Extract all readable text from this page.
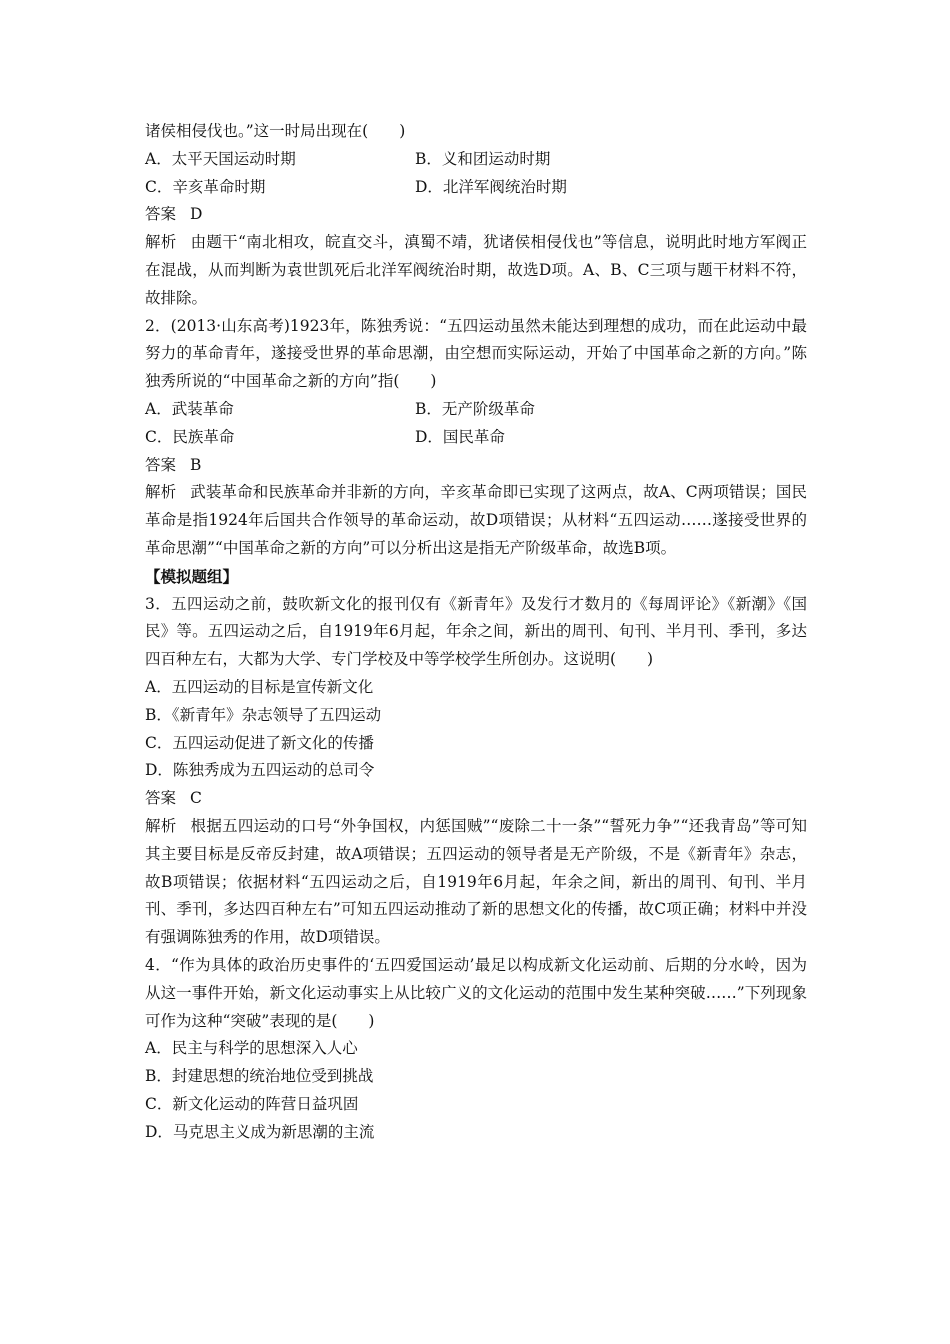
诸侯相侵伐也。”这一时局出现在(　　)
A．太平天国运动时期	B．义和团运动时期
C．辛亥革命时期	D．北洋军阀统治时期
答案 D
解析 由题干“南北相攻，皖直交斗，滇蜀不靖，犹诸侯相侵伐也”等信息，说明此时地方军阀正在混战，从而判断为袁世凯死后北洋军阀统治时期，故选D项。A、B、C三项与题干材料不符，故排除。
2．(2013·山东高考)1923年，陈独秀说：“五四运动虽然未能达到理想的成功，而在此运动中最努力的革命青年，遂接受世界的革命思潮，由空想而实际运动，开始了中国革命之新的方向。”陈独秀所说的“中国革命之新的方向”指(　　)
A．武装革命	B．无产阶级革命
C．民族革命	D．国民革命
答案 B
解析 武装革命和民族革命并非新的方向，辛亥革命即已实现了这两点，故A、C两项错误；国民革命是指1924年后国共合作领导的革命运动，故D项错误；从材料“五四运动……遂接受世界的革命思潮”“中国革命之新的方向”可以分析出这是指无产阶级革命，故选B项。
【模拟题组】
3．五四运动之前，鼓吹新文化的报刊仅有《新青年》及发行才数月的《每周评论》《新潮》《国民》等。五四运动之后，自1919年6月起，年余之间，新出的周刊、旬刊、半月刊、季刊，多达四百种左右，大都为大学、专门学校及中等学校学生所创办。这说明(　　)
A．五四运动的目标是宣传新文化
B．《新青年》杂志领导了五四运动
C．五四运动促进了新文化的传播
D．陈独秀成为五四运动的总司令
答案 C
解析 根据五四运动的口号“外争国权，内惩国贼”“废除二十一条”“誓死力争”“还我青岛”等可知其主要目标是反帝反封建，故A项错误；五四运动的领导者是无产阶级，不是《新青年》杂志，故B项错误；依据材料“五四运动之后，自1919年6月起，年余之间，新出的周刊、旬刊、半月刊、季刊，多达四百种左右”可知五四运动推动了新的思想文化的传播，故C项正确；材料中并没有强调陈独秀的作用，故D项错误。
4．“作为具体的政治历史事件的‘五四爱国运动’最足以构成新文化运动前、后期的分水岭，因为从这一事件开始，新文化运动事实上从比较广义的文化运动的范围中发生某种突破……”下列现象可作为这种“突破”表现的是(　　)
A．民主与科学的思想深入人心
B．封建思想的统治地位受到挑战
C．新文化运动的阵营日益巩固
D．马克思主义成为新思潮的主流
